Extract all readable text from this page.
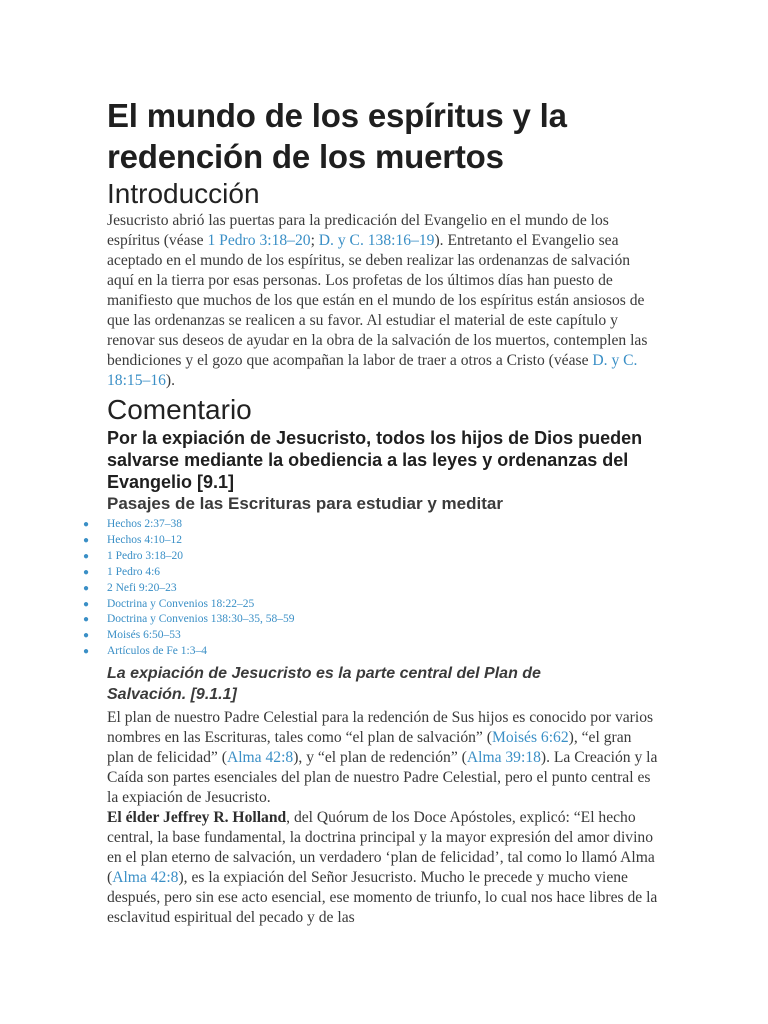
El mundo de los espíritus y la redención de los muertos
Introducción

Jesucristo abrió las puertas para la predicación del Evangelio en el mundo de los espíritus (véase 1 Pedro 3:18–20; D. y C. 138:16–19). Entretanto el Evangelio sea aceptado en el mundo de los espíritus, se deben realizar las ordenanzas de salvación aquí en la tierra por esas personas. Los profetas de los últimos días han puesto de manifiesto que muchos de los que están en el mundo de los espíritus están ansiosos de que las ordenanzas se realicen a su favor. Al estudiar el material de este capítulo y renovar sus deseos de ayudar en la obra de la salvación de los muertos, contemplen las bendiciones y el gozo que acompañan la labor de traer a otros a Cristo (véase D. y C. 18:15–16).

Comentario
Por la expiación de Jesucristo, todos los hijos de Dios pueden salvarse mediante la obediencia a las leyes y ordenanzas del Evangelio [9.1]
Pasajes de las Escrituras para estudiar y meditar
● Hechos 2:37–38
● Hechos 4:10–12
● 1 Pedro 3:18–20
● 1 Pedro 4:6
● 2 Nefi 9:20–23
● Doctrina y Convenios 18:22–25
● Doctrina y Convenios 138:30–35, 58–59
● Moisés 6:50–53
● Artículos de Fe 1:3–4
La expiación de Jesucristo es la parte central del Plan de Salvación. [9.1.1]

El plan de nuestro Padre Celestial para la redención de Sus hijos es conocido por varios nombres en las Escrituras, tales como “el plan de salvación” (Moisés 6:62), “el gran plan de felicidad” (Alma 42:8), y “el plan de redención” (Alma 39:18). La Creación y la Caída son partes esenciales del plan de nuestro Padre Celestial, pero el punto central es la expiación de Jesucristo.

El élder Jeffrey R. Holland, del Quórum de los Doce Apóstoles, explicó: “El hecho central, la base fundamental, la doctrina principal y la mayor expresión del amor divino en el plan eterno de salvación, un verdadero ‘plan de felicidad’, tal como lo llamó Alma (Alma 42:8), es la expiación del Señor Jesucristo. Mucho le precede y mucho viene después, pero sin ese acto esencial, ese momento de triunfo, lo cual nos hace libres de la esclavitud espiritual del pecado y de las
